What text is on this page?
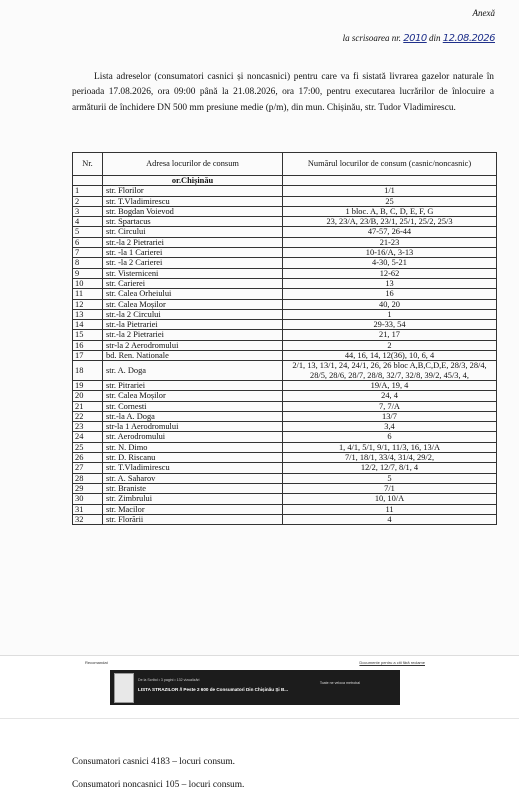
Anexă
la scrisoarea nr. 2010 din 12.08.2026

Lista adreselor (consumatori casnici și noncasnici) pentru care va fi sistată livrarea gazelor naturale în perioada 17.08.2026, ora 09:00 până la 21.08.2026, ora 17:00, pentru executarea lucrărilor de înlocuire a armăturii de închidere DN 500 mm presiune medie (p/m), din mun. Chișinău, str. Tudor Vladimirescu.

Nr.	Adresa locurilor de consum	Numărul locurilor de consum (casnic/noncasnic)
	or.Chișinău	
1	str. Florilor	1/1
2	str. T.Vladimirescu	25
3	str. Bogdan Voievod	1 bloc. A, B, C, D, E, F, G
4	str. Spartacus	23, 23/A, 23/B, 23/1, 25/1, 25/2, 25/3
5	str. Circului	47-57, 26-44
6	str.-la 2 Pietrariei	21-23
7	str. -la 1 Carierei	10-16/A, 3-13
8	str. -la 2 Carierei	4-30, 5-21
9	str. Visterniceni	12-62
10	str. Carierei	13
11	str. Calea Orheiului	16
12	str. Calea Moșilor	40, 20
13	str.-la 2 Circului	1
14	str.-la Pietrariei	29-33, 54
15	str.-la 2 Pietrariei	21, 17
16	str-la 2 Aerodromului	2
17	bd. Ren. Nationale	44, 16, 14, 12(36), 10, 6, 4
18	str. A. Doga	2/1, 13, 13/1, 24, 24/1, 26, 26 bloc A,B,C,D,E, 28/3, 28/4, 28/5, 28/6, 28/7, 28/8, 32/7, 32/8, 39/2, 45/3, 4,
19	str. Pitrariei	19/A, 19, 4
20	str. Calea Moșilor	24, 4
21	str. Cornesti	7, 7/A
22	str.-la A. Doga	13/7
23	str-la 1 Aerodromului	3,4
24	str. Aerodromului	6
25	str. N. Dimo	1, 4/1, 5/1, 9/1, 11/3, 16, 13/A
26	str. D. Riscanu	7/1, 18/1, 33/4, 31/4, 29/2,
27	str. T.Vladimirescu	12/2, 12/7, 8/1, 4
28	str. A. Saharov	5
29	str. Braniste	7/1
30	str. Zimbrului	10, 10/A
31	str. Macilor	11
32	str. Florării	4
Recomandat	Documente pentru a citi fără reclame
De la Scribd • 3 pagini • 132 vizualizări
LISTA STRAZILOR // Peste 2 600 de Consumatori Din Chișinău Și B...
Toate ne veloca metrobal
Consumatori casnici 4183 – locuri consum.
Consumatori noncasnici 105 – locuri consum.
